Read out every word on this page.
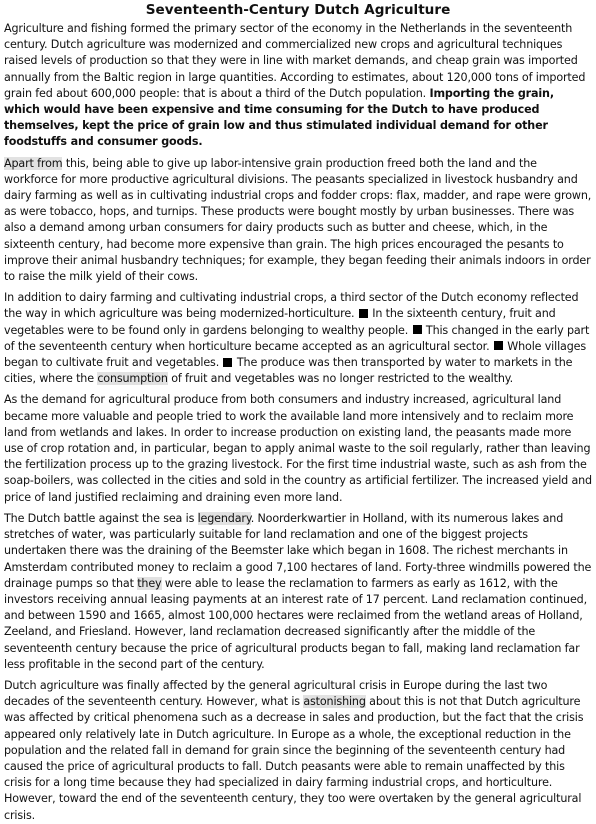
Seventeenth-Century Dutch Agriculture

Agriculture and fishing formed the primary sector of the economy in the Netherlands in the seventeenth century. Dutch agriculture was modernized and commercialized new crops and agricultural techniques raised levels of production so that they were in line with market demands, and cheap grain was imported annually from the Baltic region in large quantities. According to estimates, about 120,000 tons of imported grain fed about 600,000 people: that is about a third of the Dutch population. Importing the grain, which would have been expensive and time consuming for the Dutch to have produced themselves, kept the price of grain low and thus stimulated individual demand for other foodstuffs and consumer goods.

Apart from this, being able to give up labor-intensive grain production freed both the land and the workforce for more productive agricultural divisions. The peasants specialized in livestock husbandry and dairy farming as well as in cultivating industrial crops and fodder crops: flax, madder, and rape were grown, as were tobacco, hops, and turnips. These products were bought mostly by urban businesses. There was also a demand among urban consumers for dairy products such as butter and cheese, which, in the sixteenth century, had become more expensive than grain. The high prices encouraged the pesants to improve their animal husbandry techniques; for example, they began feeding their animals indoors in order to raise the milk yield of their cows.

In addition to dairy farming and cultivating industrial crops, a third sector of the Dutch economy reflected the way in which agriculture was being modernized-horticulture.  In the sixteenth century, fruit and vegetables were to be found only in gardens belonging to wealthy people.  This changed in the early part of the seventeenth century when horticulture became accepted as an agricultural sector.  Whole villages began to cultivate fruit and vegetables.  The produce was then transported by water to markets in the cities, where the consumption of fruit and vegetables was no longer restricted to the wealthy.

As the demand for agricultural produce from both consumers and industry increased, agricultural land became more valuable and people tried to work the available land more intensively and to reclaim more land from wetlands and lakes. In order to increase production on existing land, the peasants made more use of crop rotation and, in particular, began to apply animal waste to the soil regularly, rather than leaving the fertilization process up to the grazing livestock. For the first time industrial waste, such as ash from the soap-boilers, was collected in the cities and sold in the country as artificial fertilizer. The increased yield and price of land justified reclaiming and draining even more land.

The Dutch battle against the sea is legendary. Noorderkwartier in Holland, with its numerous lakes and stretches of water, was particularly suitable for land reclamation and one of the biggest projects undertaken there was the draining of the Beemster lake which began in 1608. The richest merchants in Amsterdam contributed money to reclaim a good 7,100 hectares of land. Forty-three windmills powered the drainage pumps so that they were able to lease the reclamation to farmers as early as 1612, with the investors receiving annual leasing payments at an interest rate of 17 percent. Land reclamation continued, and between 1590 and 1665, almost 100,000 hectares were reclaimed from the wetland areas of Holland, Zeeland, and Friesland. However, land reclamation decreased significantly after the middle of the seventeenth century because the price of agricultural products began to fall, making land reclamation far less profitable in the second part of the century.

Dutch agriculture was finally affected by the general agricultural crisis in Europe during the last two decades of the seventeenth century. However, what is astonishing about this is not that Dutch agriculture was affected by critical phenomena such as a decrease in sales and production, but the fact that the crisis appeared only relatively late in Dutch agriculture. In Europe as a whole, the exceptional reduction in the population and the related fall in demand for grain since the beginning of the seventeenth century had caused the price of agricultural products to fall. Dutch peasants were able to remain unaffected by this crisis for a long time because they had specialized in dairy farming industrial crops, and horticulture. However, toward the end of the seventeenth century, they too were overtaken by the general agricultural crisis.
